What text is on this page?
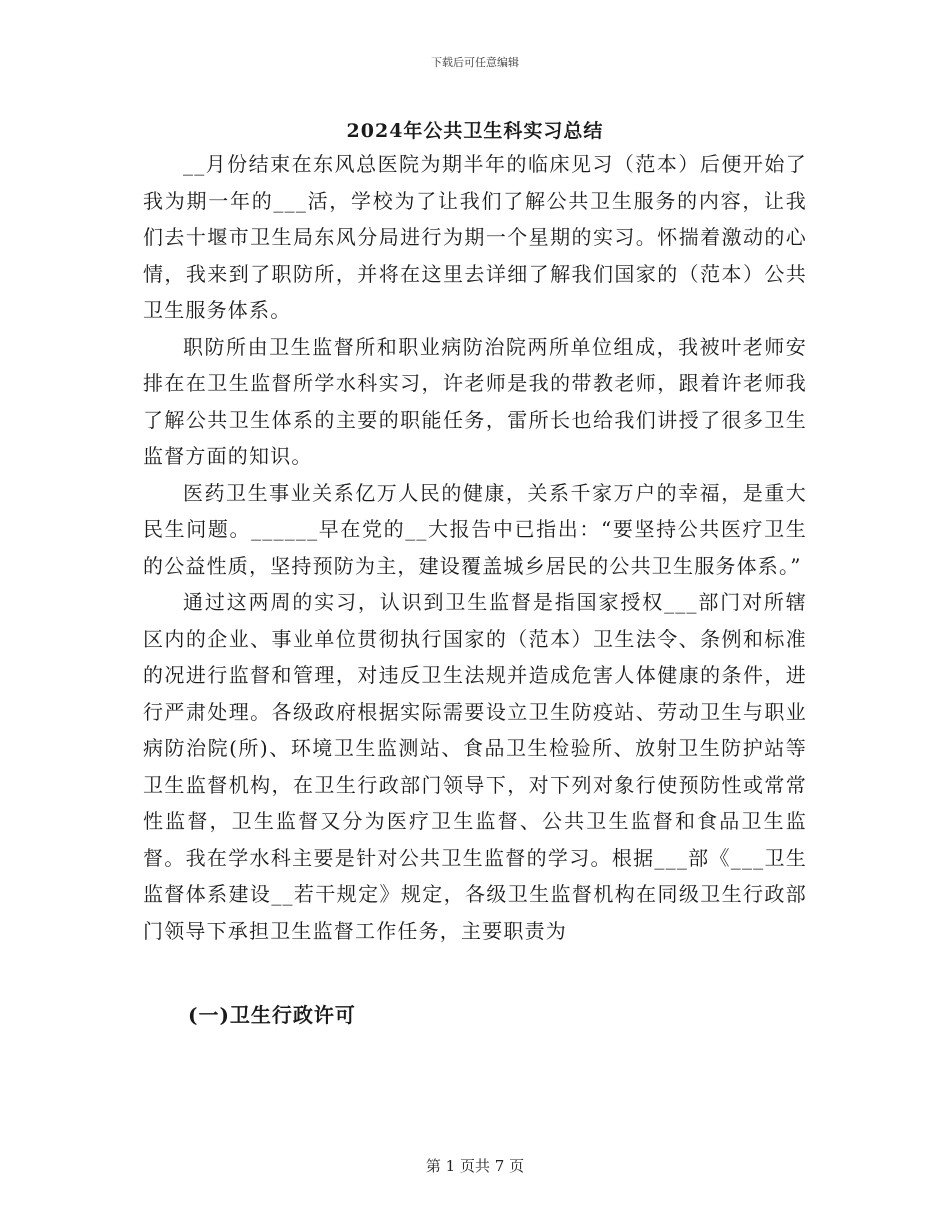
下载后可任意编辑
2024年公共卫生科实习总结

__月份结束在东风总医院为期半年的临床见习（范本）后便开始了我为期一年的___活，学校为了让我们了解公共卫生服务的内容，让我们去十堰市卫生局东风分局进行为期一个星期的实习。怀揣着激动的心情，我来到了职防所，并将在这里去详细了解我们国家的（范本）公共卫生服务体系。

职防所由卫生监督所和职业病防治院两所单位组成，我被叶老师安排在在卫生监督所学水科实习，许老师是我的带教老师，跟着许老师我了解公共卫生体系的主要的职能任务，雷所长也给我们讲授了很多卫生监督方面的知识。

医药卫生事业关系亿万人民的健康，关系千家万户的幸福，是重大民生问题。______早在党的__大报告中已指出：“要坚持公共医疗卫生的公益性质，坚持预防为主，建设覆盖城乡居民的公共卫生服务体系。”

通过这两周的实习，认识到卫生监督是指国家授权___部门对所辖区内的企业、事业单位贯彻执行国家的（范本）卫生法令、条例和标准的况进行监督和管理，对违反卫生法规并造成危害人体健康的条件，进行严肃处理。各级政府根据实际需要设立卫生防疫站、劳动卫生与职业病防治院(所)、环境卫生监测站、食品卫生检验所、放射卫生防护站等卫生监督机构，在卫生行政部门领导下，对下列对象行使预防性或常常性监督，卫生监督又分为医疗卫生监督、公共卫生监督和食品卫生监督。我在学水科主要是针对公共卫生监督的学习。根据___部《___卫生监督体系建设__若干规定》规定，各级卫生监督机构在同级卫生行政部门领导下承担卫生监督工作任务，主要职责为

(一)卫生行政许可
第 1 页共 7 页
